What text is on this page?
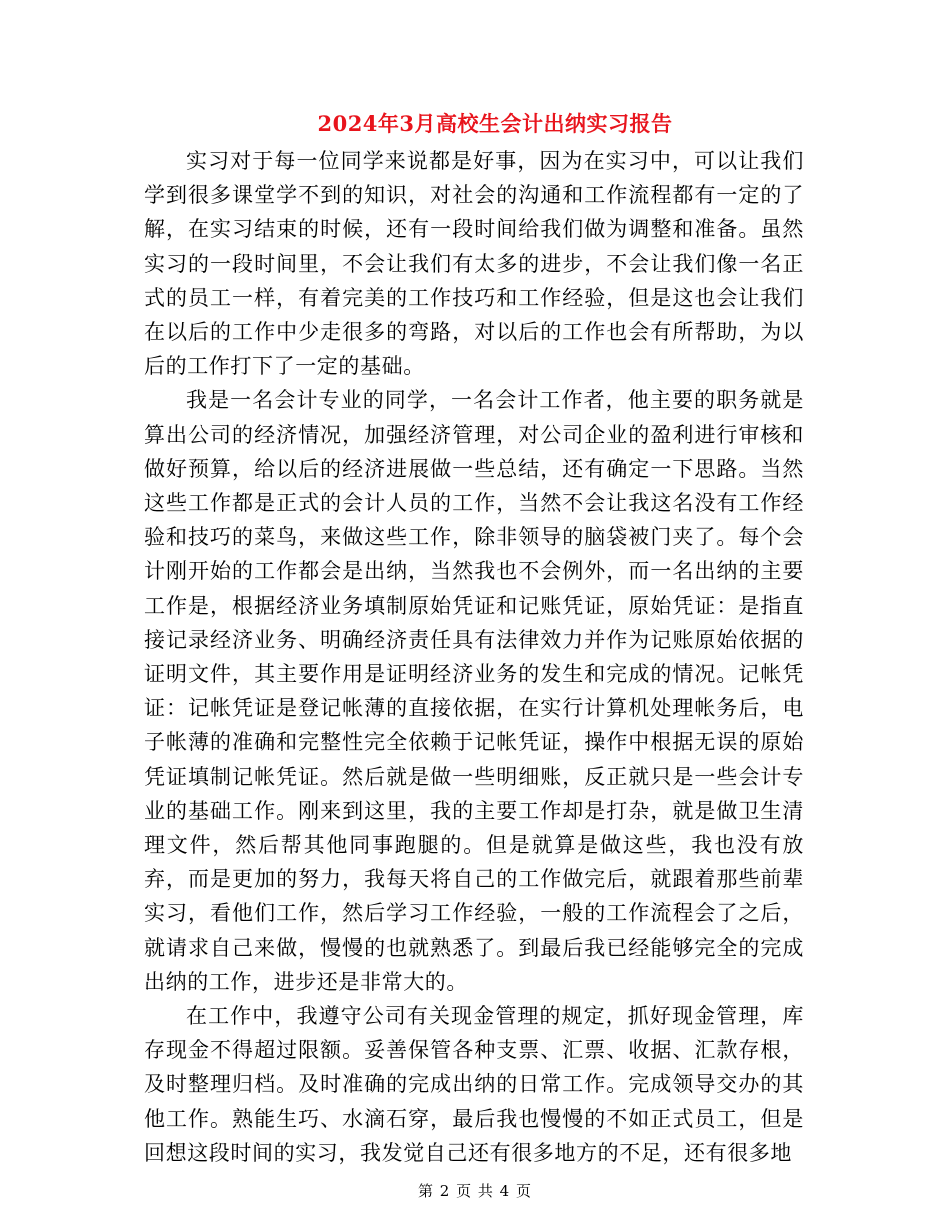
2024年3月高校生会计出纳实习报告

实习对于每一位同学来说都是好事，因为在实习中，可以让我们学到很多课堂学不到的知识，对社会的沟通和工作流程都有一定的了解，在实习结束的时候，还有一段时间给我们做为调整和准备。虽然实习的一段时间里，不会让我们有太多的进步，不会让我们像一名正式的员工一样，有着完美的工作技巧和工作经验，但是这也会让我们在以后的工作中少走很多的弯路，对以后的工作也会有所帮助，为以后的工作打下了一定的基础。

我是一名会计专业的同学，一名会计工作者，他主要的职务就是算出公司的经济情况，加强经济管理，对公司企业的盈利进行审核和做好预算，给以后的经济进展做一些总结，还有确定一下思路。当然这些工作都是正式的会计人员的工作，当然不会让我这名没有工作经验和技巧的菜鸟，来做这些工作，除非领导的脑袋被门夹了。每个会计刚开始的工作都会是出纳，当然我也不会例外，而一名出纳的主要工作是，根据经济业务填制原始凭证和记账凭证，原始凭证：是指直接记录经济业务、明确经济责任具有法律效力并作为记账原始依据的证明文件，其主要作用是证明经济业务的发生和完成的情况。记帐凭证：记帐凭证是登记帐薄的直接依据，在实行计算机处理帐务后，电子帐薄的准确和完整性完全依赖于记帐凭证，操作中根据无误的原始凭证填制记帐凭证。然后就是做一些明细账，反正就只是一些会计专业的基础工作。刚来到这里，我的主要工作却是打杂，就是做卫生清理文件，然后帮其他同事跑腿的。但是就算是做这些，我也没有放弃，而是更加的努力，我每天将自己的工作做完后，就跟着那些前辈实习，看他们工作，然后学习工作经验，一般的工作流程会了之后，就请求自己来做，慢慢的也就熟悉了。到最后我已经能够完全的完成出纳的工作，进步还是非常大的。

在工作中，我遵守公司有关现金管理的规定，抓好现金管理，库存现金不得超过限额。妥善保管各种支票、汇票、收据、汇款存根，及时整理归档。及时准确的完成出纳的日常工作。完成领导交办的其他工作。熟能生巧、水滴石穿，最后我也慢慢的不如正式员工，但是回想这段时间的实习，我发觉自己还有很多地方的不足，还有很多地

第 2 页 共 4 页
